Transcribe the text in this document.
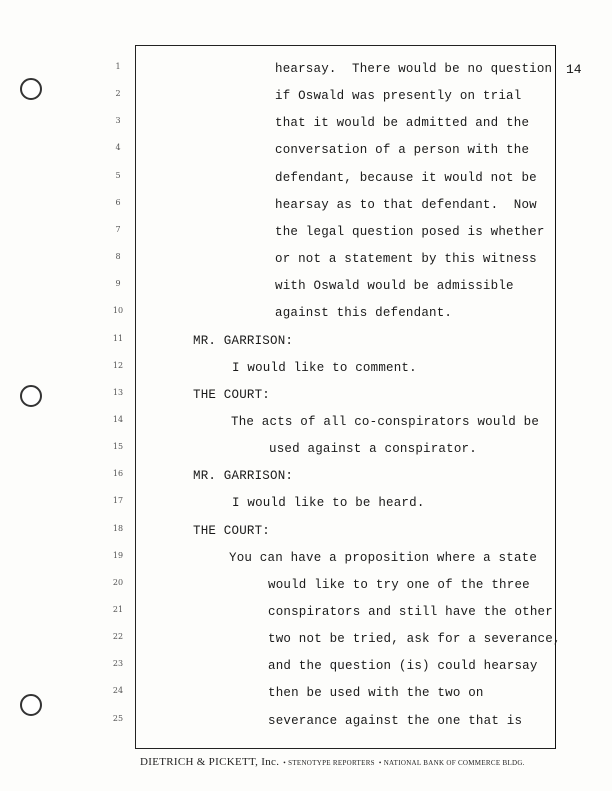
14
1
2
3
4
5
6
7
8
9
10
11
12
13
14
15
16
17
18
19
20
21
22
23
24
25
hearsay.  There would be no question
if Oswald was presently on trial
that it would be admitted and the
conversation of a person with the
defendant, because it would not be
hearsay as to that defendant.  Now
the legal question posed is whether
or not a statement by this witness
with Oswald would be admissible
against this defendant.
MR. GARRISON:
I would like to comment.
THE COURT:
The acts of all co-conspirators would be
used against a conspirator.
MR. GARRISON:
I would like to be heard.
THE COURT:
You can have a proposition where a state
would like to try one of the three
conspirators and still have the other
two not be tried, ask for a severance,
and the question (is) could hearsay
then be used with the two on
severance against the one that is
DIETRICH & PICKETT, Inc. • STENOTYPE REPORTERS • NATIONAL BANK OF COMMERCE BLDG.
